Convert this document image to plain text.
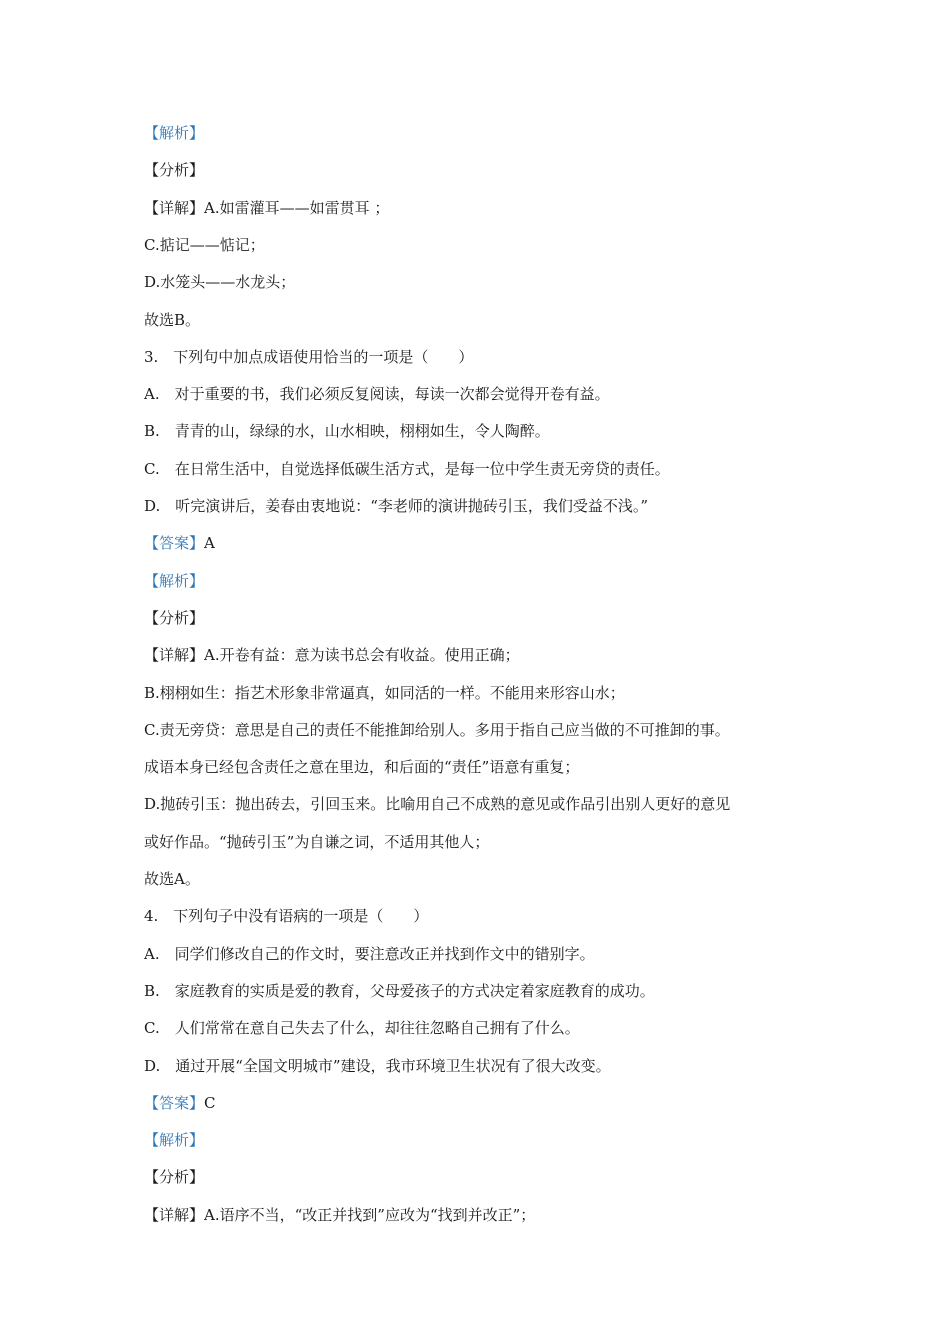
【解析】
【分析】
【详解】A.如雷灌耳——如雷贯耳 ；
C.掂记——惦记；
D.水笼头——水龙头；
故选B。
3.　下列句中加点成语使用恰当的一项是（　　）
A.　对于重要的书，我们必须反复阅读，每读一次都会觉得开卷有益。
B.　青青的山，绿绿的水，山水相映，栩栩如生，令人陶醉。
C.　在日常生活中，自觉选择低碳生活方式，是每一位中学生责无旁贷的责任。
D.　听完演讲后，姜春由衷地说：“李老师的演讲抛砖引玉，我们受益不浅。”
【答案】A
【解析】
【分析】
【详解】A.开卷有益：意为读书总会有收益。使用正确；
B.栩栩如生：指艺术形象非常逼真，如同活的一样。不能用来形容山水；
C.责无旁贷：意思是自己的责任不能推卸给别人。多用于指自己应当做的不可推卸的事。
成语本身已经包含责任之意在里边，和后面的“责任”语意有重复；
D.抛砖引玉：抛出砖去，引回玉来。比喻用自己不成熟的意见或作品引出别人更好的意见
或好作品。“抛砖引玉”为自谦之词，不适用其他人；
故选A。
4.　下列句子中没有语病的一项是（　　）
A.　同学们修改自己的作文时，要注意改正并找到作文中的错别字。
B.　家庭教育的实质是爱的教育，父母爱孩子的方式决定着家庭教育的成功。
C.　人们常常在意自己失去了什么，却往往忽略自己拥有了什么。
D.　通过开展“全国文明城市”建设，我市环境卫生状况有了很大改变。
【答案】C
【解析】
【分析】
【详解】A.语序不当，“改正并找到”应改为“找到并改正”；
